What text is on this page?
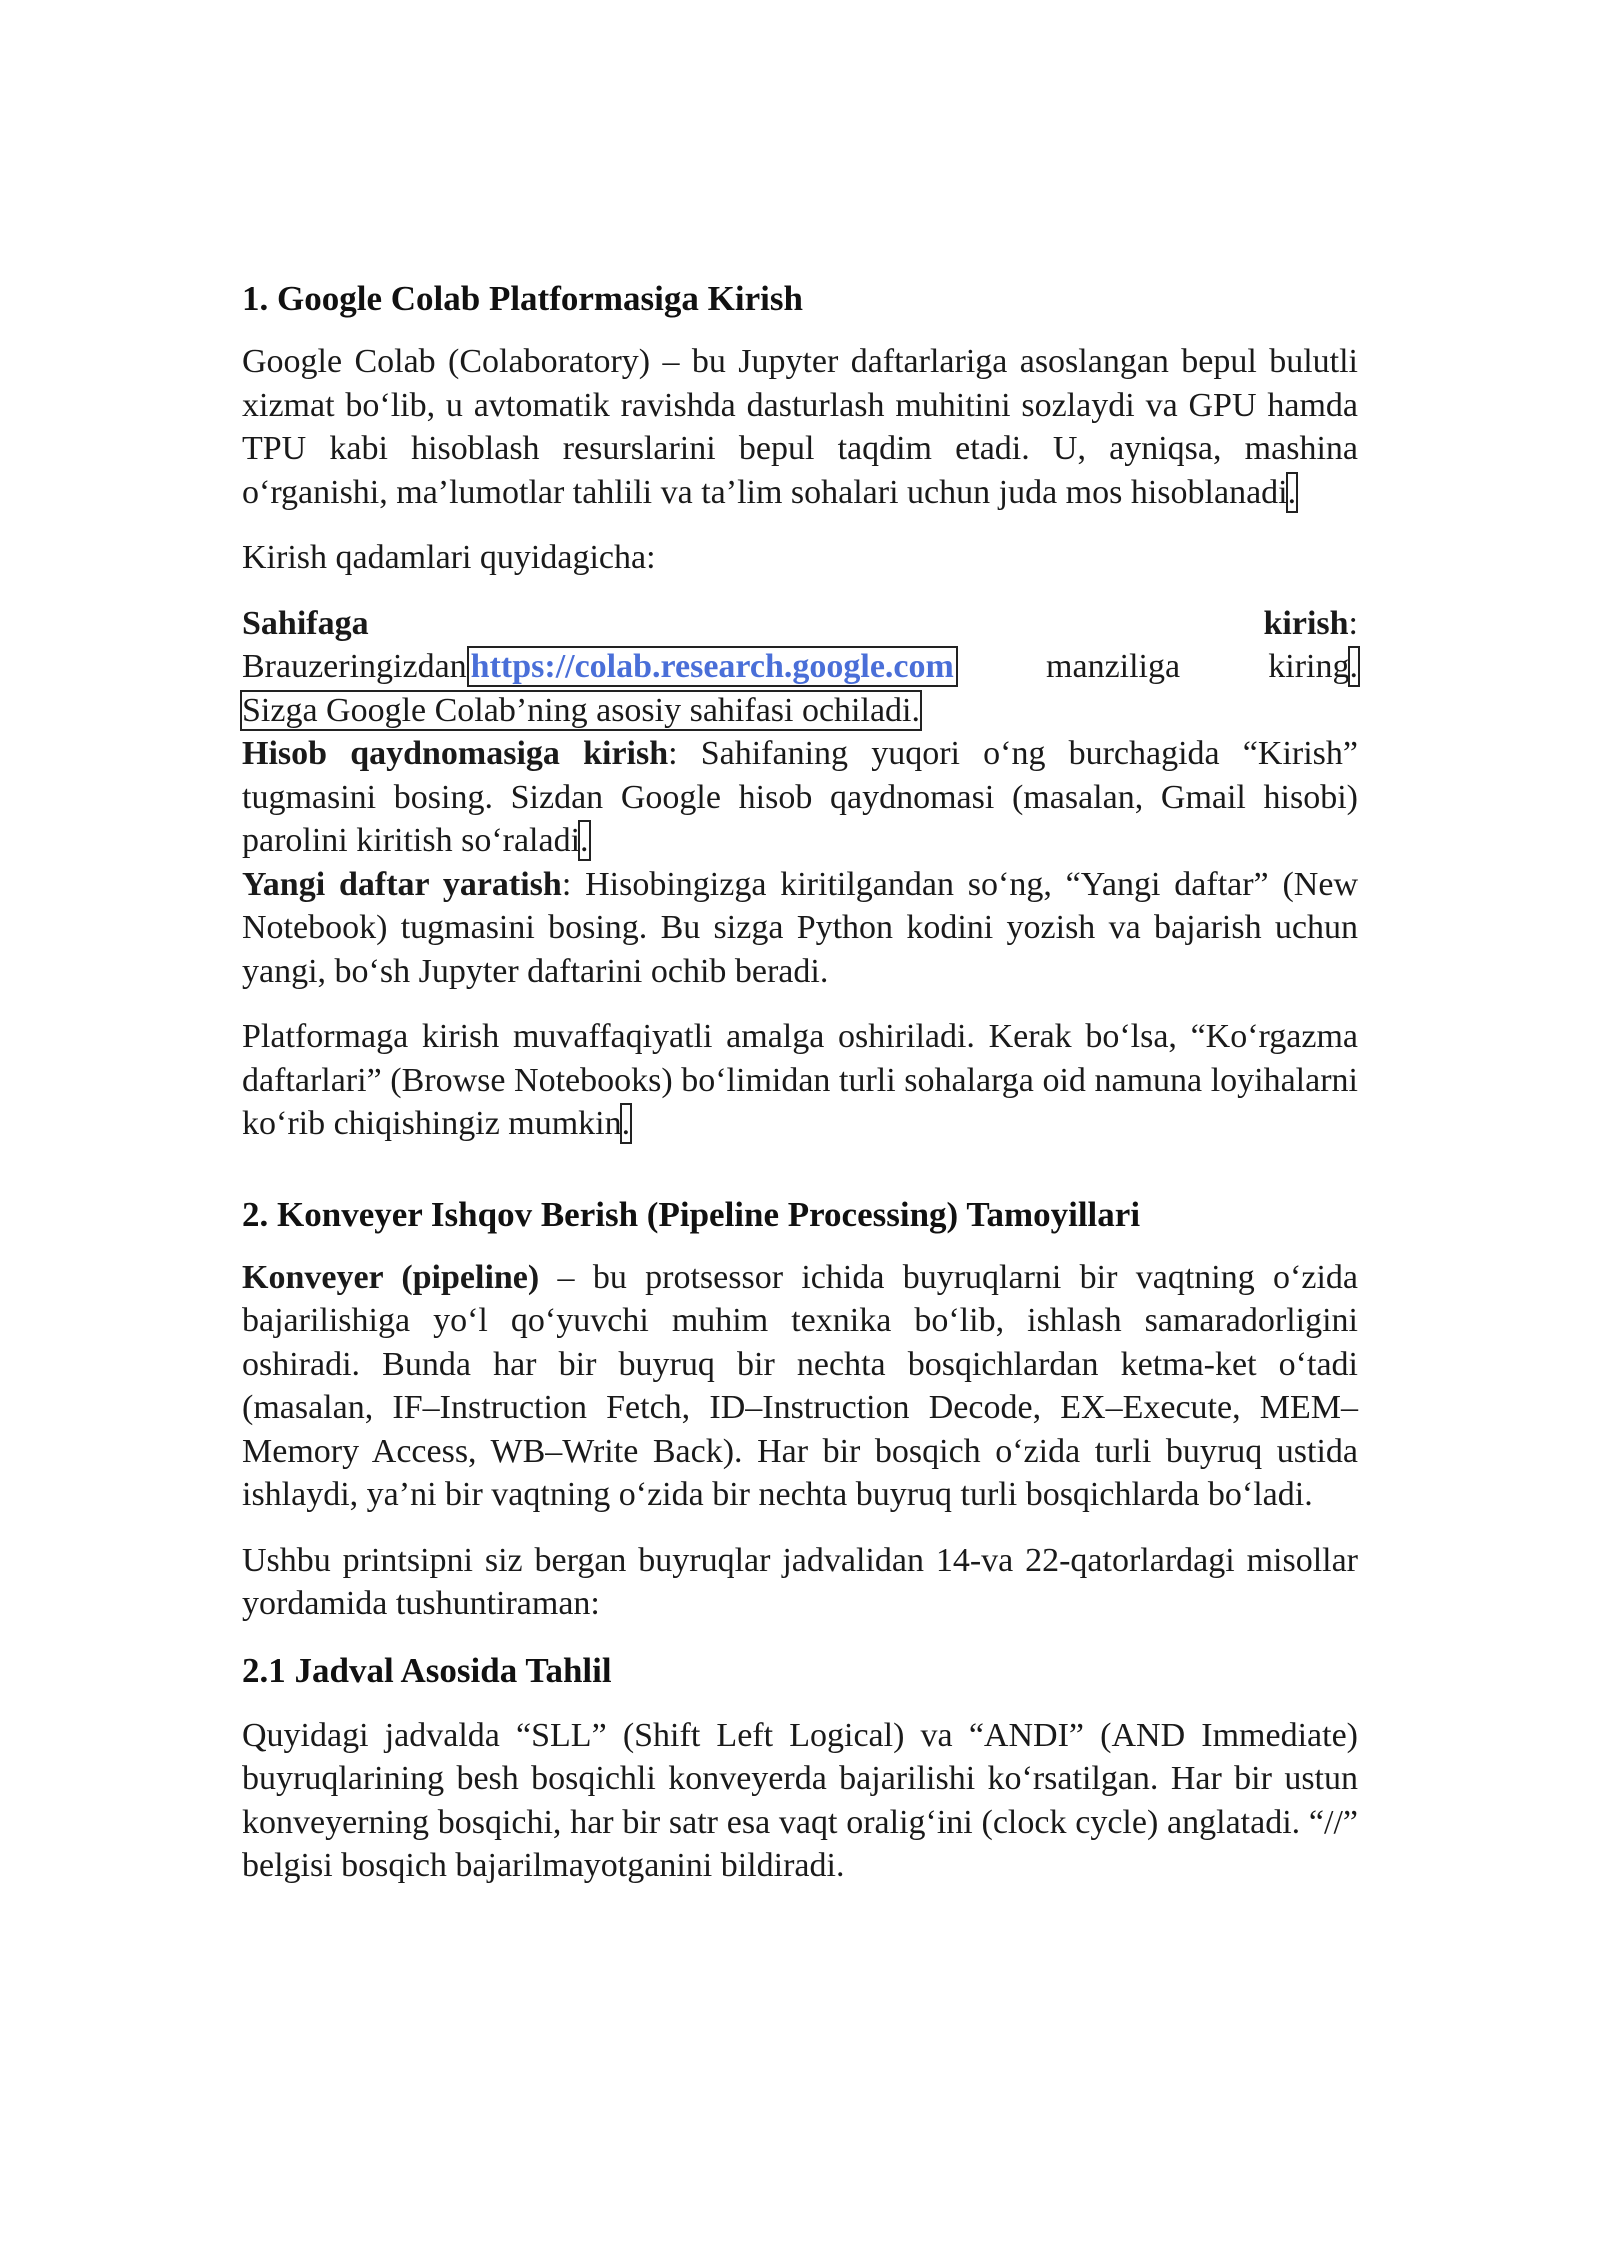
1. Google Colab Platformasiga Kirish

Google Colab (Colaboratory) – bu Jupyter daftarlariga asoslangan bepul bulutli xizmat bo‘lib, u avtomatik ravishda dasturlash muhitini sozlaydi va GPU hamda TPU kabi hisoblash resurslarini bepul taqdim etadi. U, ayniqsa, mashina o‘rganishi, ma’lumotlar tahlili va ta’lim sohalari uchun juda mos hisoblanadi.

Kirish qadamlari quyidagicha:

Sahifaga	kirish:
Brauzeringizdan https://colab.research.google.com	manziliga	kiring.
Sizga Google Colab’ning asosiy sahifasi ochiladi.
Hisob qaydnomasiga kirish: Sahifaning yuqori o‘ng burchagida “Kirish” tugmasini bosing. Sizdan Google hisob qaydnomasi (masalan, Gmail hisobi) parolini kiritish so‘raladi.
Yangi daftar yaratish: Hisobingizga kiritilgandan so‘ng, “Yangi daftar” (New Notebook) tugmasini bosing. Bu sizga Python kodini yozish va bajarish uchun yangi, bo‘sh Jupyter daftarini ochib beradi.

Platformaga kirish muvaffaqiyatli amalga oshiriladi. Kerak bo‘lsa, “Ko‘rgazma daftarlari” (Browse Notebooks) bo‘limidan turli sohalarga oid namuna loyihalarni ko‘rib chiqishingiz mumkin.

2. Konveyer Ishqov Berish (Pipeline Processing) Tamoyillari

Konveyer (pipeline) – bu protsessor ichida buyruqlarni bir vaqtning o‘zida bajarilishiga yo‘l qo‘yuvchi muhim texnika bo‘lib, ishlash samaradorligini oshiradi. Bunda har bir buyruq bir nechta bosqichlardan ketma-ket o‘tadi (masalan, IF–Instruction Fetch, ID–Instruction Decode, EX–Execute, MEM–Memory Access, WB–Write Back). Har bir bosqich o‘zida turli buyruq ustida ishlaydi, ya’ni bir vaqtning o‘zida bir nechta buyruq turli bosqichlarda bo‘ladi.

Ushbu printsipni siz bergan buyruqlar jadvalidan 14-va 22-qatorlardagi misollar yordamida tushuntiraman:

2.1 Jadval Asosida Tahlil

Quyidagi jadvalda “SLL” (Shift Left Logical) va “ANDI” (AND Immediate) buyruqlarining besh bosqichli konveyerda bajarilishi ko‘rsatilgan. Har bir ustun konveyerning bosqichi, har bir satr esa vaqt oralig‘ini (clock cycle) anglatadi. “//” belgisi bosqich bajarilmayotganini bildiradi.
